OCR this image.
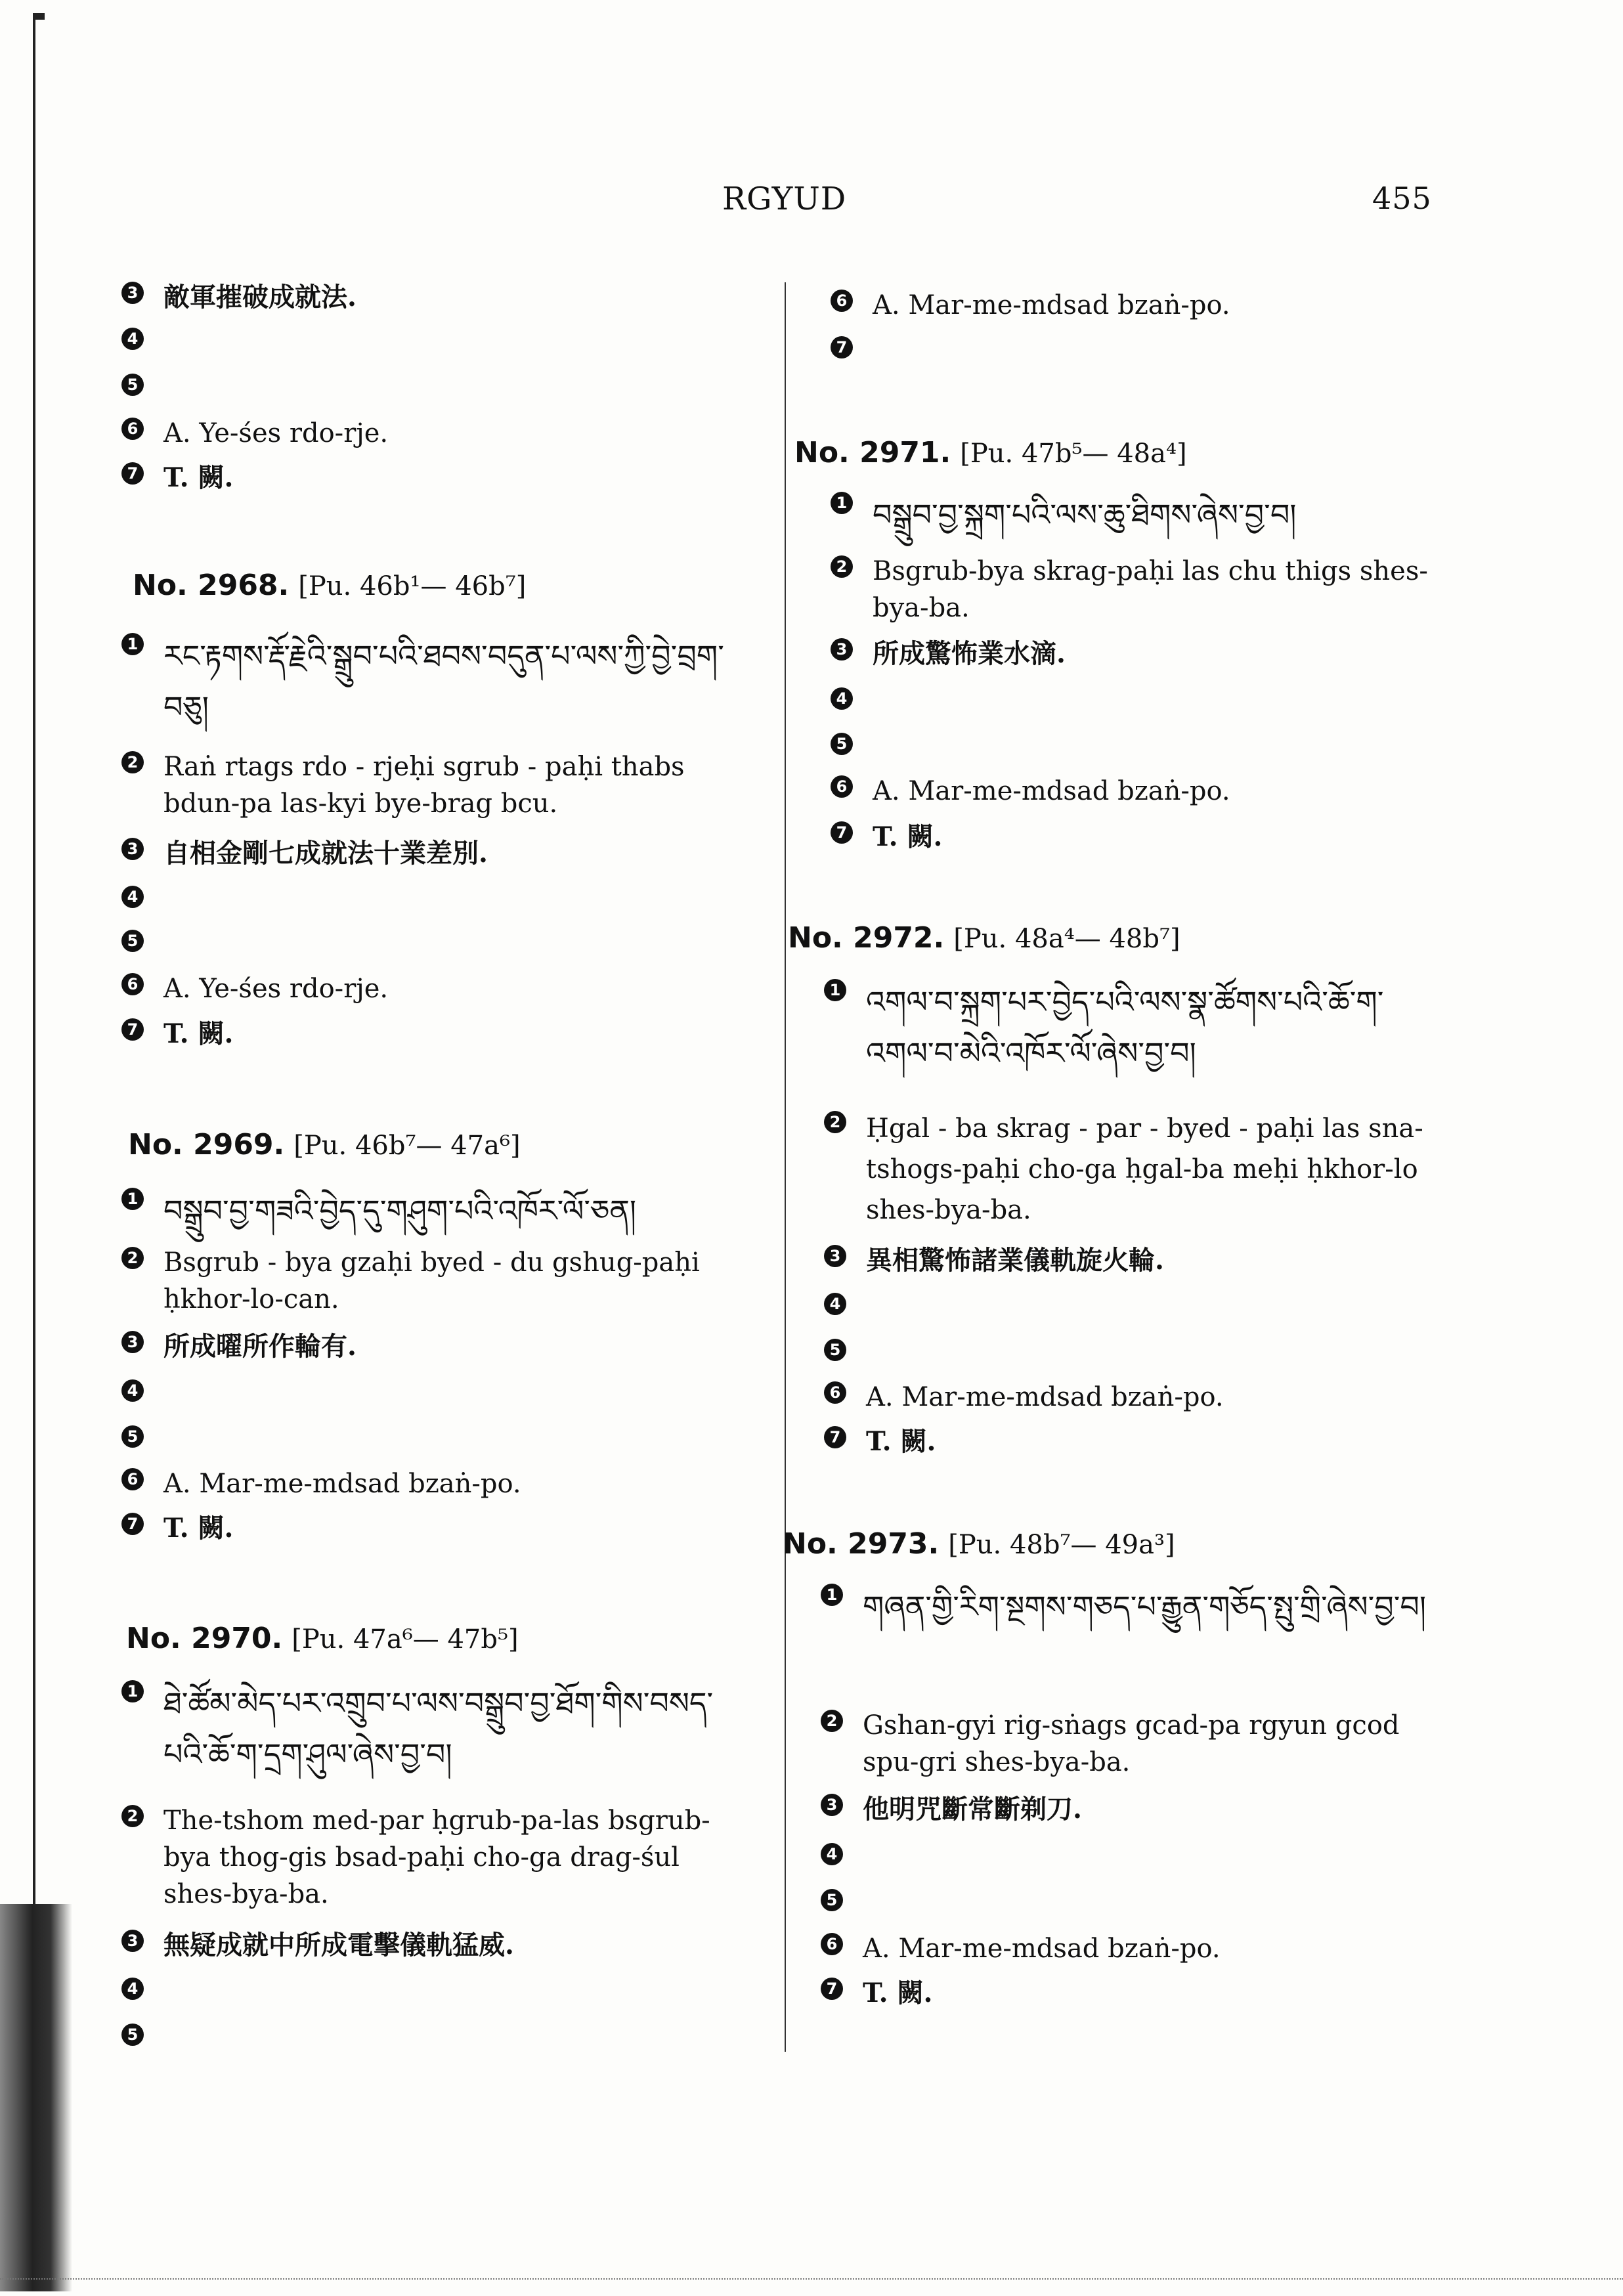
RGYUD	455
3 敵軍摧破成就法.
4
5
6 A. Ye-śes rdo-rje.
7 T. 闕.
No. 2968. [Pu. 46b¹— 46b⁷]
1 རང་རྟགས་རྡོ་རྗེའི་སྒྲུབ་པའི་ཐབས་བདུན་པ་ལས་ཀྱི་བྱེ་བྲག་བཅུ།
2 Raṅ rtags rdo - rjeḥi sgrub - paḥi thabs bdun-pa las-kyi bye-brag bcu.
3 自相金剛七成就法十業差別.
4
5
6 A. Ye-śes rdo-rje.
7 T. 闕.
No. 2969. [Pu. 46b⁷— 47a⁶]
1 བསྒྲུབ་བྱ་གཟའི་བྱེད་དུ་གཤུག་པའི་འཁོར་ལོ་ཅན།
2 Bsgrub - bya gzaḥi byed - du gshug-paḥi ḥkhor-lo-can.
3 所成曜所作輪有.
4
5
6 A. Mar-me-mdsad bzaṅ-po.
7 T. 闕.
No. 2970. [Pu. 47a⁶— 47b⁵]
1 ཐེ་ཚོམ་མེད་པར་འགྲུབ་པ་ལས་བསྒྲུབ་བྱ་ཐོག་གིས་བསད་པའི་ཆོ་ག་དྲག་ཤུལ་ཞེས་བྱ་བ།
2 The-tshom med-par ḥgrub-pa-las bsgrub-bya thog-gis bsad-paḥi cho-ga drag-śul shes-bya-ba.
3 無疑成就中所成電擊儀軌猛威.
4
5
6 A. Mar-me-mdsad bzaṅ-po.
7
No. 2971. [Pu. 47b⁵— 48a⁴]
1 བསྒྲུབ་བྱ་སྐྲག་པའི་ལས་ཆུ་ཐིགས་ཞེས་བྱ་བ།
2 Bsgrub-bya skrag-paḥi las chu thigs shes-bya-ba.
3 所成驚怖業水滴.
4
5
6 A. Mar-me-mdsad bzaṅ-po.
7 T. 闕.
No. 2972. [Pu. 48a⁴— 48b⁷]
1 འགལ་བ་སྐྲག་པར་བྱེད་པའི་ལས་སྣ་ཚོགས་པའི་ཆོ་ག་འགལ་བ་མེའི་འཁོར་ལོ་ཞེས་བྱ་བ།
2 Ḥgal - ba skrag - par - byed - paḥi las sna-tshogs-paḥi cho-ga ḥgal-ba meḥi ḥkhor-lo shes-bya-ba.
3 異相驚怖諸業儀軌旋火輪.
4
5
6 A. Mar-me-mdsad bzaṅ-po.
7 T. 闕.
No. 2973. [Pu. 48b⁷— 49a³]
1 གཞན་གྱི་རིག་སྔགས་གཅད་པ་རྒྱུན་གཅོད་སྤུ་གྲི་ཞེས་བྱ་བ།
2 Gshan-gyi rig-sṅags gcad-pa rgyun gcod spu-gri shes-bya-ba.
3 他明咒斷常斷剃刀.
4
5
6 A. Mar-me-mdsad bzaṅ-po.
7 T. 闕.
